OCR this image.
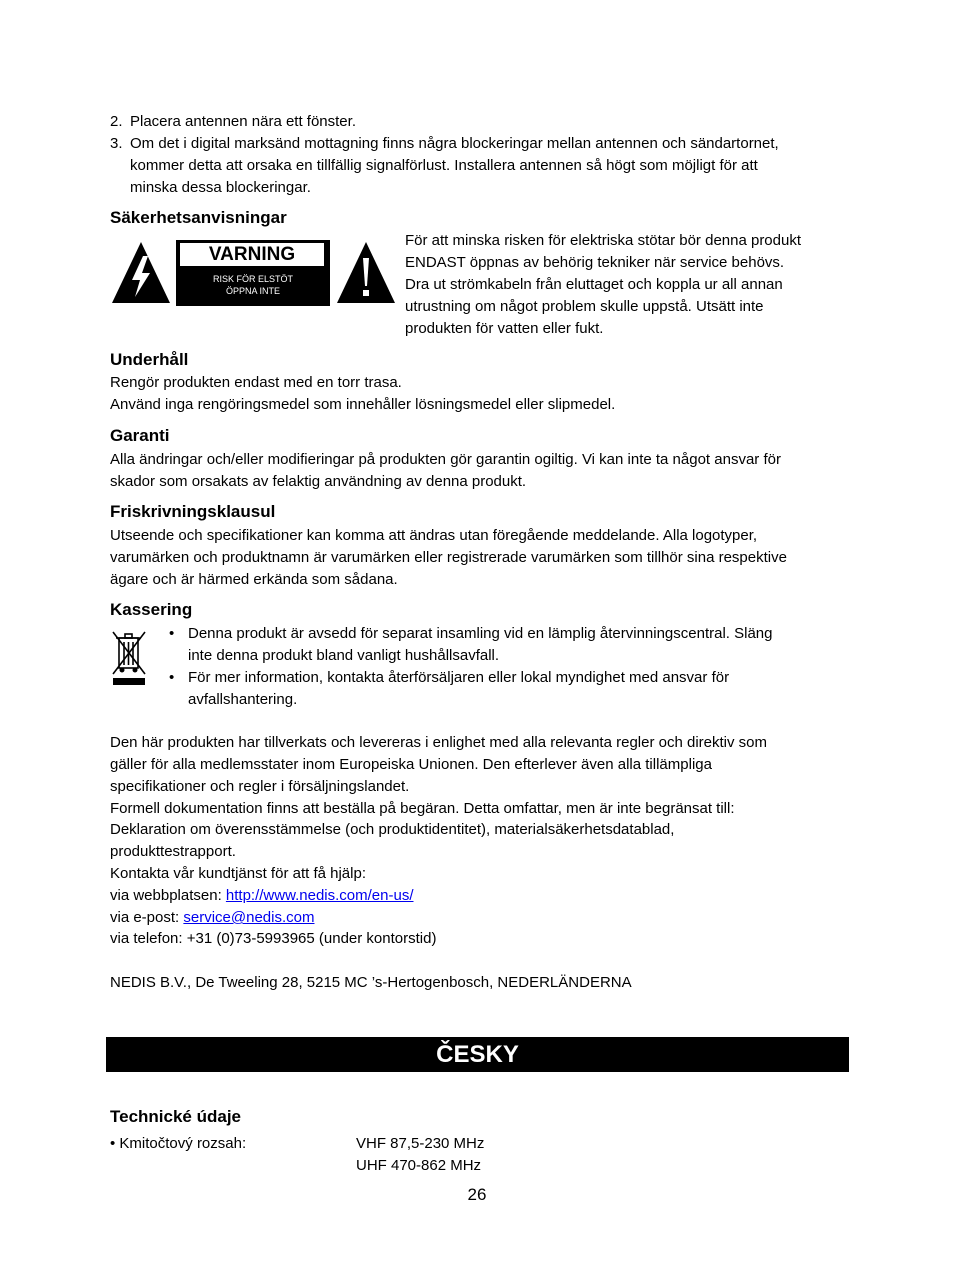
2. Placera antennen nära ett fönster.
3. Om det i digital marksänd mottagning finns några blockeringar mellan antennen och sändartornet,
kommer detta att orsaka en tillfällig signalförlust. Installera antennen så högt som möjligt för att
minska dessa blockeringar.
Säkerhetsanvisningar
VARNING
RISK FÖR ELSTÖT
ÖPPNA INTE
För att minska risken för elektriska stötar bör denna produkt
ENDAST öppnas av behörig tekniker när service behövs.
Dra ut strömkabeln från eluttaget och koppla ur all annan
utrustning om något problem skulle uppstå. Utsätt inte
produkten för vatten eller fukt.
Underhåll
Rengör produkten endast med en torr trasa.
Använd inga rengöringsmedel som innehåller lösningsmedel eller slipmedel.
Garanti
Alla ändringar och/eller modifieringar på produkten gör garantin ogiltig. Vi kan inte ta något ansvar för
skador som orsakats av felaktig användning av denna produkt.
Friskrivningsklausul
Utseende och specifikationer kan komma att ändras utan föregående meddelande. Alla logotyper,
varumärken och produktnamn är varumärken eller registrerade varumärken som tillhör sina respektive
ägare och är härmed erkända som sådana.
Kassering
• Denna produkt är avsedd för separat insamling vid en lämplig återvinningscentral. Släng
inte denna produkt bland vanligt hushållsavfall.
• För mer information, kontakta återförsäljaren eller lokal myndighet med ansvar för
avfallshantering.
Den här produkten har tillverkats och levereras i enlighet med alla relevanta regler och direktiv som
gäller för alla medlemsstater inom Europeiska Unionen. Den efterlever även alla tillämpliga
specifikationer och regler i försäljningslandet.
Formell dokumentation finns att beställa på begäran. Detta omfattar, men är inte begränsat till:
Deklaration om överensstämmelse (och produktidentitet), materialsäkerhetsdatablad,
produkttestrapport.
Kontakta vår kundtjänst för att få hjälp:
via webbplatsen: http://www.nedis.com/en-us/
via e-post: service@nedis.com
via telefon: +31 (0)73-5993965 (under kontorstid)
NEDIS B.V., De Tweeling 28, 5215 MC ’s-Hertogenbosch, NEDERLÄNDERNA
ČESKY
Technické údaje
• Kmitočtový rozsah:	VHF 87,5-230 MHz
UHF 470-862 MHz
26
